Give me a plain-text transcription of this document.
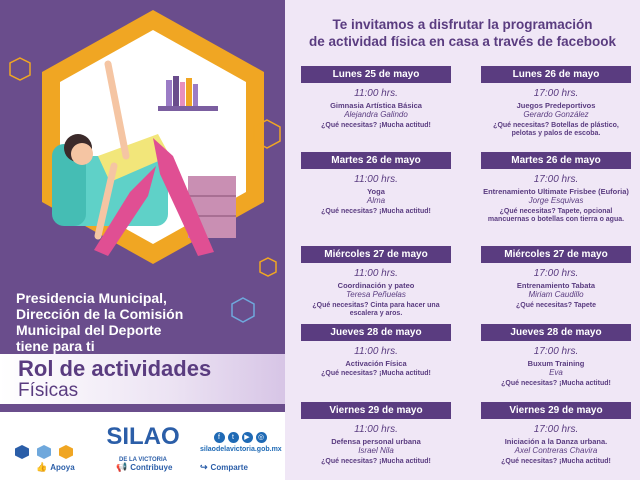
Presidencia Municipal,
Dirección de la Comisión
Municipal del Deporte
tiene para ti
Rol de actividades
Físicas
SILAO
DE LA VICTORIA
f	t	▶	◎
silaodelavictoria.gob.mx
👍 Apoya	📢 Contribuye	↪ Comparte
Te invitamos a disfrutar la programación
de actividad física en casa a través de facebook
Lunes 25 de mayo
11:00 hrs.
Gimnasia Artística Básica
Alejandra Galindo
¿Qué necesitas? ¡Mucha actitud!
Martes 26 de mayo
11:00 hrs.
Yoga
Alma
¿Qué necesitas? ¡Mucha actitud!
Miércoles 27 de mayo
11:00 hrs.
Coordinación y pateo
Teresa Peñuelas
¿Qué necesitas? Cinta para hacer una escalera y aros.
Jueves 28 de mayo
11:00 hrs.
Activación Física
¿Qué necesitas? ¡Mucha actitud!
Viernes 29 de mayo
11:00 hrs.
Defensa personal urbana
Israel Nila
¿Qué necesitas? ¡Mucha actitud!
Lunes 26 de mayo
17:00 hrs.
Juegos Predeportivos
Gerardo González
¿Qué necesitas? Botellas de plástico, pelotas y palos de escoba.
Martes 26 de mayo
17:00 hrs.
Entrenamiento Ultimate Frisbee (Euforia)
Jorge Esquivas
¿Qué necesitas? Tapete, opcional mancuernas o botellas con tierra o agua.
Miércoles 27 de mayo
17:00 hrs.
Entrenamiento Tabata
Miriam Caudillo
¿Qué necesitas? Tapete
Jueves 28 de mayo
17:00 hrs.
Buxum Training
Eva
¿Qué necesitas? ¡Mucha actitud!
Viernes 29 de mayo
17:00 hrs.
Iniciación a la Danza urbana.
Axel Contreras Chavira
¿Qué necesitas? ¡Mucha actitud!
